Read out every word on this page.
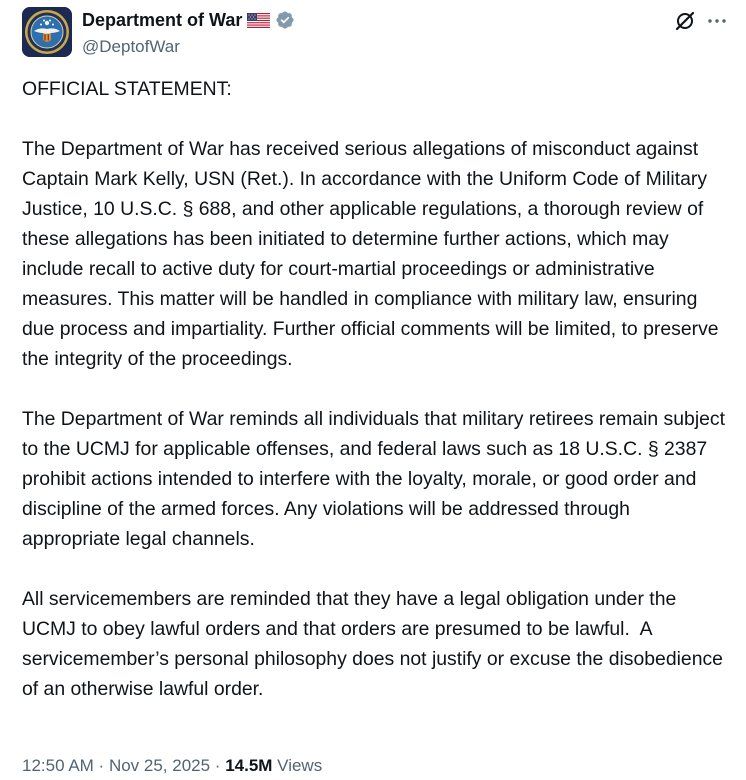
Department of War
@DeptofWar

OFFICIAL STATEMENT:

The Department of War has received serious allegations of misconduct against Captain Mark Kelly, USN (Ret.). In accordance with the Uniform Code of Military Justice, 10 U.S.C. § 688, and other applicable regulations, a thorough review of these allegations has been initiated to determine further actions, which may include recall to active duty for court-martial proceedings or administrative measures. This matter will be handled in compliance with military law, ensuring due process and impartiality. Further official comments will be limited, to preserve the integrity of the proceedings.

The Department of War reminds all individuals that military retirees remain subject to the UCMJ for applicable offenses, and federal laws such as 18 U.S.C. § 2387 prohibit actions intended to interfere with the loyalty, morale, or good order and discipline of the armed forces. Any violations will be addressed through appropriate legal channels.

All servicemembers are reminded that they have a legal obligation under the UCMJ to obey lawful orders and that orders are presumed to be lawful.  A servicemember’s personal philosophy does not justify or excuse the disobedience of an otherwise lawful order.

12:50 AM · Nov 25, 2025 · 14.5M Views
